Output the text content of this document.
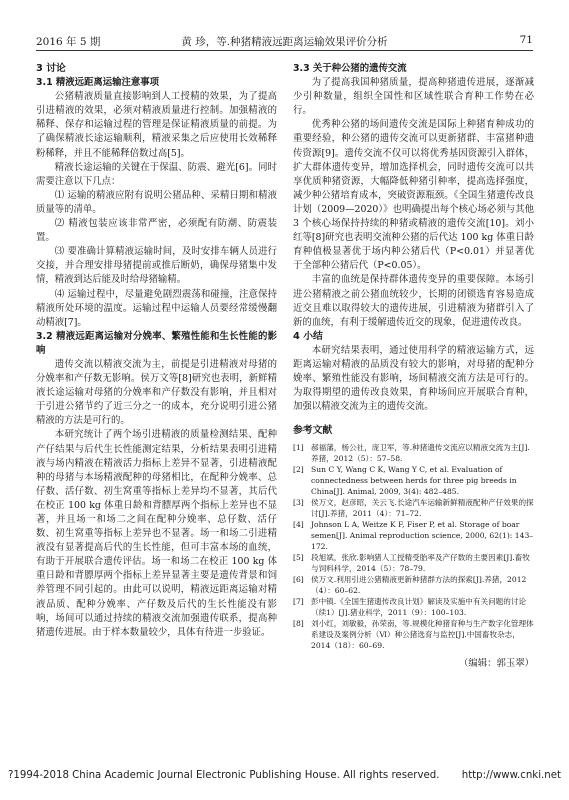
2016 年 5 期	黄 珍，等.种猪精液远距离运输效果评价分析	71
3 讨论
3.1 精液远距离运输注意事项

公猪精液质量直接影响到人工授精的效果，为了提高引进精液的效果，必须对精液质量进行控制。加强精液的稀释、保存和运输过程的管理是保证精液质量的前提。为了确保精液长途运输顺利，精液采集之后应使用长效稀释粉稀释，并且不能稀释倍数过高[5]。

精液长途运输的关键在于保温、防震、避光[6]。同时需要注意以下几点：

⑴ 运输的精液应附有说明公猪品种、采精日期和精液质量等的清单。

⑵ 精液包装应该非常严密，必须配有防潮、防震装置。

⑶ 要准确计算精液运输时间，及时安排车辆人员进行交接，并合理安排母猪提前或推后断奶，确保母猪集中发情，精液到达后能及时给母猪输精。

⑷ 运输过程中，尽量避免剧烈震荡和碰撞，注意保持精液所处环境的温度。运输过程中运输人员要经常缓慢翻动精液[7]。

3.2 精液远距离运输对分娩率、繁殖性能和生长性能的影响

遗传交流以精液交流为主，前提是引进精液对母猪的分娩率和产仔数无影响。侯万文等[8]研究也表明，新鲜精液长途运输对母猪的分娩率和产仔数没有影响，并且相对于引进公猪节约了近三分之一的成本，充分说明引进公猪精液的方法是可行的。

本研究统计了两个场引进精液的质量检测结果、配种产仔结果与后代生长性能测定结果，分析结果表明引进精液与场内精液在精液活力指标上差异不显著，引进精液配种的母猪与本场精液配种的母猪相比，在配种分娩率、总仔数、活仔数、初生窝重等指标上差异均不显著，其后代在校正 100 kg 体重日龄和背膘厚两个指标上差异也不显著，并且场一和场二之间在配种分娩率、总仔数、活仔数、初生窝重等指标上差异也不显著。场一和场二引进精液没有显著提高后代的生长性能，但可丰富本场的血统，有助于开展联合遗传评估。场一和场二在校正 100 kg 体重日龄和背膘厚两个指标上差异显著主要是遗传背景和饲养管理不同引起的。由此可以说明，精液远距离运输对精液品质、配种分娩率、产仔数及后代的生长性能没有影响，场间可以通过持续的精液交流加强遗传联系，提高种猪遗传进展。由于样本数量较少，具体有待进一步验证。

3.3 关于种公猪的遗传交流

为了提高我国种猪质量，提高种猪遗传进展，逐渐减少引种数量，组织全国性和区域性联合育种工作势在必行。

优秀种公猪的场间遗传交流是国际上种猪育种成功的重要经验，种公猪的遗传交流可以更新猪群、丰富猪种遗传资源[9]。遗传交流不仅可以将优秀基因资源引入群体，扩大群体遗传变异，增加选择机会，同时遗传交流可以共享优质种猪资源，大幅降低种猪引种率，提高选择强度，减少种公猪培育成本，突破资源瓶颈。《全国生猪遗传改良计划（2009—2020）》也明确提出每个核心场必须与其他 3 个核心场保持持续的种猪或精液的遗传交流[10]。刘小红等[8]研究也表明交流种公猪的后代达 100 kg 体重日龄育种值极显著优于场内种公猪后代（P<0.01）并显著优于全部种公猪后代（P<0.05）。

丰富的血统是保持群体遗传变异的重要保障。本场引进公猪精液之前公猪血统较少，长期的闭锁选育容易造成近交且难以取得较大的遗传进展，引进精液为猪群引入了新的血统，有利于缓解遗传近交的现象，促进遗传改良。

4 小结

本研究结果表明，通过使用科学的精液运输方式，远距离运输对精液的品质没有较大的影响，对母猪的配种分娩率、繁殖性能没有影响，场间精液交流方法是可行的。为取得期望的遗传改良效果，育种场间应开展联合育种，加强以精液交流为主的遗传交流。

参考文献
[1] 郝福藩，杨公社，庞卫军，等.种猪遗传交流应以精液交流为主[J].养猪，2012（5）：57–58.
[2] Sun C Y, Wang C K, Wang Y C, et al. Evaluation of connectedness between herds for three pig breeds in China[J]. Animal, 2009, 3(4): 482–485.
[3] 侯万文，赵彦昭，关云飞.长途汽车运输新鲜精液配种产仔效果的探讨[J].养猪，2011（4）：71–72.
[4] Johnson L A, Weitze K F, Fiser P, et al. Storage of boar semen[J]. Animal reproduction science, 2000, 62(1): 143–172.
[5] 段旭斌，张欣.影响猪人工授精受胎率及产仔数的主要因素[J].畜牧与饲料科学，2014（5）：78–79.
[6] 侯万文.利用引进公猪精液更新种猪群方法的探索[J].养猪，2012（4）：60–62.
[7] 彭中镇.《全国生猪遗传改良计划》解读及实施中有关问题的讨论（续1）[J].猪业科学，2011（9）：100–103.
[8] 刘小红，刘敏毅，孙荣南，等.规模化种猪育种与生产数字化管理体系建设及案例分析（Ⅵ）种公猪选育与监控[J].中国畜牧杂志，2014（18）：60–69.
（编辑：郭玉翠）
?1994-2018 China Academic Journal Electronic Publishing House. All rights reserved. http://www.cnki.net
